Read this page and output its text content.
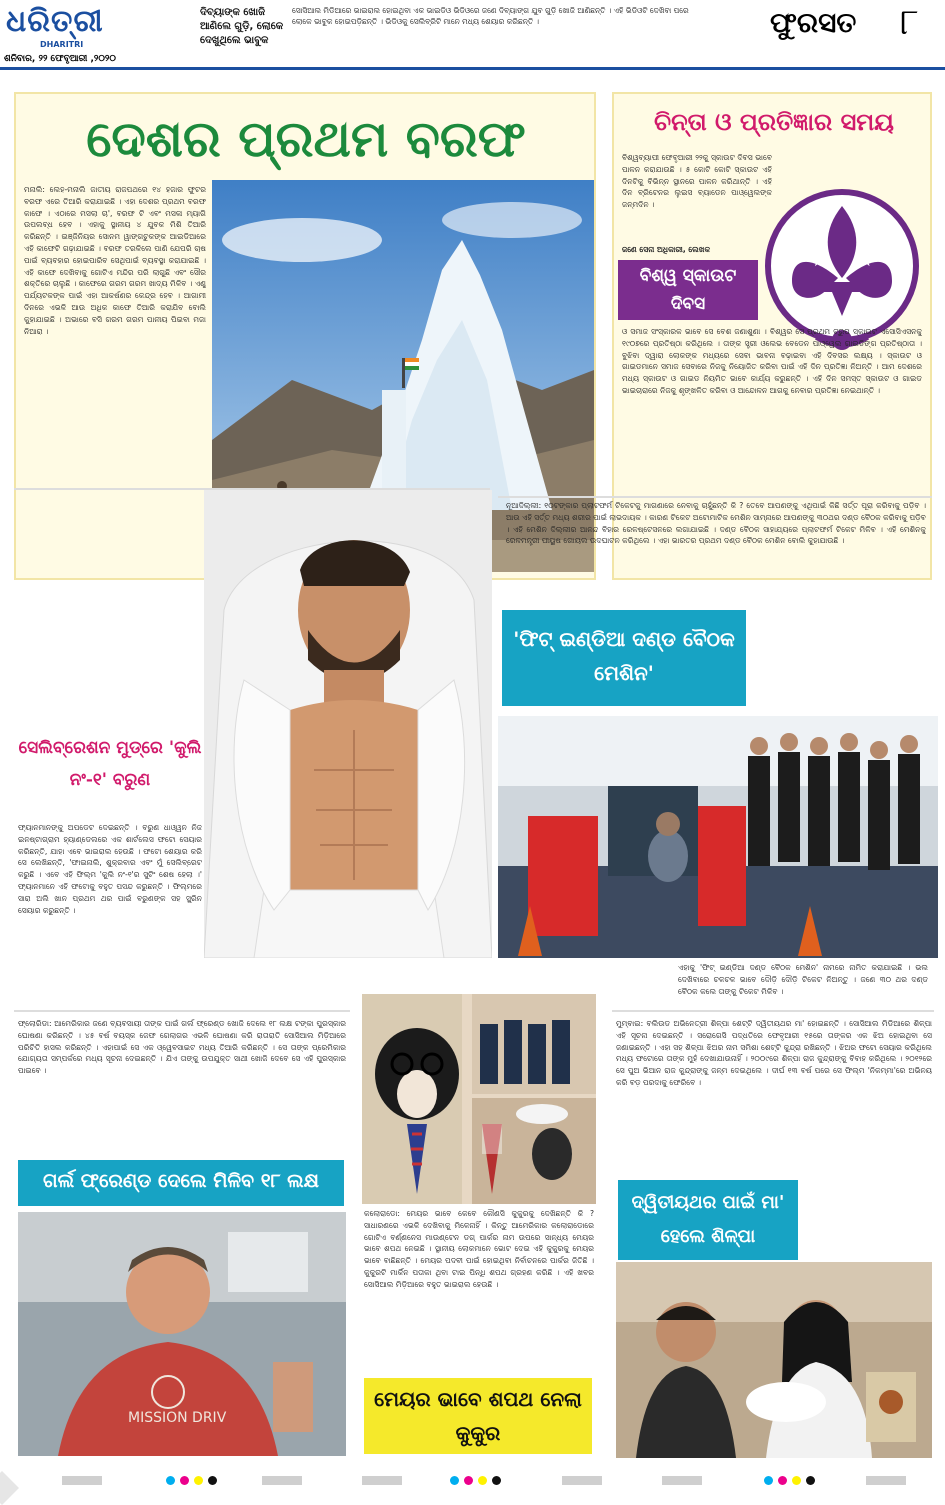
ଧରିତ୍ରୀ
DHARITRI
ଶନିବାର, ୨୨ ଫେବୃଆରୀ ,୨୦୨୦
ଦିବ୍ୟାଙ୍କ ଖୋଜି ଆଣିଲେ ଗୁଡ଼ି, ଲୋକେ ଦେଖୁଥିଲେ ଭାବୁକ
ସୋସିଆଲ ମିଡିଆରେ ଭାଇରାଲ ହୋଇଥିବା ଏକ ଭାଇଡିଓ ଭିଡିଓରେ ଜଣେ ଦିବ୍ୟାଙ୍ଗ ଯୁବ ଗୁଡ଼ି ଖୋଜି ଆଣିଛନ୍ତି । ଏହି ଭିଡିଓଟି ଦେଖିବା ପରେ ଲୋକେ ଭାବୁକ ହୋଇପଡ଼ିଛନ୍ତି । ଭିଡିଓକୁ ସେଲିବ୍ରିଟି ମାନେ ମଧ୍ୟ ଶେୟାର କରିଛନ୍ତି ।	ଫୁରସତ ୮
ଦେଶର ପ୍ରଥମ ବରଫ
ମନାଲି: ଲେହ-ମନାଲି ଜାତୀୟ ରାଜପଥରେ ୧୪ ହଜାର ଫୁଟର ବରଫ ଏରେ ତିଆରି କରାଯାଇଛି । ଏହା ଦେଶର ପ୍ରଥମ ବରଫ କାଫେ । ଏଠାରେ ମସଲା ଚା', ବରଫ ଟି ଏବଂ ମସଳା ମ୍ୟାଗି ଉପଲବ୍ଧ ହେବ । ଏହାକୁ ସ୍ଥାନୀୟ ୪ ଯୁବକ ମିଶି ତିଆରି କରିଛନ୍ତି । ଇଞ୍ଜିନିୟର ସୋନମ ୱାଙ୍ଗଚୁକଙ୍କ ଆଇଡିଆରେ ଏହି କାଫେଟି ଗଢ଼ାଯାଇଛି । ବରଫ ତରଳିଲେ ପାଣି ଯେପରି ଚାଷ ପାଇଁ ବ୍ୟବହାର ହୋଇପାରିବ ସେଥିପାଇଁ ବ୍ୟବସ୍ଥା କରାଯାଇଛି । ଏହି କାଫେ ଦେଖିବାକୁ ଗୋଟିଏ ମନ୍ଦିର ପରି ଲାଗୁଛି ଏବଂ ସୌର ଶକ୍ତିରେ ଚାଲୁଛି । କାଫେରେ ଗରମ ଗରମ ଖାଦ୍ୟ ମିଳିବ । ଏଣୁ ପର୍ଯ୍ୟଟକଙ୍କ ପାଇଁ ଏହା ଆକର୍ଷଣର କେନ୍ଦ୍ର ହେବ । ଆଗାମୀ ଦିନରେ ଏଭଳି ଆଉ ଅଧିକ କାଫେ ତିଆରି କରାଯିବ ବୋଲି କୁହାଯାଇଛି । ଅଭାରେ ବସି ଗରମ ଗରମ ପାନୀୟ ପିଇବା ମଜା ନିଆରା ।
ଚିନ୍ତା ଓ ପ୍ରତିଜ୍ଞାର ସମୟ
ବିଶ୍ୱବ୍ୟାପୀ ଫେବୃଆରୀ ୨୨କୁ ସ୍କାଉଟ ଦିବସ ଭାବେ ପାଳନ କରାଯାଉଛି । ୫ କୋଟି କୋଟି ସ୍କାଉଟ ଏହି ଦିନଟିକୁ ବିଭିନ୍ନ ସ୍ଥାନରେ ପାଳନ କରିଥାନ୍ତି । ଏହି ଦିନ ବ୍ରିଟେନର ଲୁଇସ ବ୍ୟାଡେନ ପାଓ୍ୱେଲଙ୍କ ଜନ୍ମଦିନ ।
ଜଣେ ସେନା ଅଧିକାରୀ, ଲେଖକ
ବିଶ୍ୱ ସ୍କାଉଟ ଦିବସ
★	★
ଓ ସମାଜ ସଂସ୍କାରକ ଭାବେ ସେ ବେଶ ଜଣାଶୁଣା । ବିଶ୍ୱର ସେ ପ୍ରଥମ ଟ୍ରୁପ ସ୍କାଉଟ ଏସୋସିଏସନକୁ ୧୯୦୭ରେ ପ୍ରତିଷ୍ଠା କରିଥିଲେ । ତାଙ୍କ ସ୍ତ୍ରୀ ଓଲେଭ ବେଡେନ ପାଓ୍ୱେଲ ଗାଇଡିଙ୍ଗ ପ୍ରତିଷ୍ଠାତା । ବୁଝିବା ଦ୍ୱାରା ଲୋକଙ୍କ ମଧ୍ୟରେ ସେବା ଭାବନା ବଢ଼ାଇବା ଏହି ଦିବସର ଲକ୍ଷ୍ୟ । ସ୍କାଉଟ ଓ ଗାଇଡମାନେ ସମାଜ ସେବାରେ ନିଜକୁ ନିୟୋଜିତ କରିବା ପାଇଁ ଏହି ଦିନ ପ୍ରତିଜ୍ଞା ନିଅନ୍ତି । ଆମ ଦେଶରେ ମଧ୍ୟ ସ୍କାଉଟ ଓ ଗାଇଡ ନିୟମିତ ଭାବେ କାର୍ଯ୍ୟ କରୁଛନ୍ତି । ଏହି ଦିନ ସମସ୍ତ ସ୍କାଉଟ ଓ ଗାଇଡ ଭାଇଚାରାରେ ନିଜକୁ ଶୃଙ୍ଖଳିତ କରିବା ଓ ଆନ୍ଦୋଳନ ଆଗକୁ ନେବାର ପ୍ରତିଜ୍ଞା ନେଇଥାନ୍ତି ।
ସେଲିବ୍ରେଶନ ମୁଡ୍‌ରେ 'କୁଲି ନଂ-୧' ବରୁଣ
ଫ୍ୟାନମାନଙ୍କୁ ଅପଡେଟ ଦେଇଛନ୍ତି । ବରୁଣ ଧାଓ୍ୱନ ନିଜ ଇନଷ୍ଟାଗ୍ରାମ ହ୍ୟାଣ୍ଡେଲରେ ଏକ ଶାର୍ଟଲେସ ଫଟୋ ସେୟାର କରିଛନ୍ତି, ଯାହା ଏବେ ଭାଇରାଲ ହେଉଛି । ଫଟୋ ଶେୟାର କରି ସେ ଲେଖିଛନ୍ତି, 'ଫାଇନାଲି, ଶୁକ୍ରବାର ଏବଂ ମୁଁ ସେଲିବ୍ରେଟ କରୁଛି । ଏବେ ଏହି ଫିଲ୍ମ 'କୁଲି ନଂ-୧'ର ସୁଟିଂ ଶେଷ ହେଲା ।' ଫ୍ୟାନମାନେ ଏହି ଫଟୋକୁ ବହୁତ ପସନ୍ଦ କରୁଛନ୍ତି । ଫିଲ୍ମରେ ସାରା ଅଲି ଖାନ ପ୍ରଥମ ଥର ପାଇଁ ବରୁଣଙ୍କ ସହ ସ୍କ୍ରିନ ସେୟାର କରୁଛନ୍ତି ।
ନୂଆଦିଲ୍ଲୀ: ୧୦ଟଙ୍କାର ପ୍ଲାଟଫର୍ମ ଟିକେଟକୁ ମାଗଣାରେ ନେବାକୁ ଚାହୁଁଛନ୍ତି କି ? ତେବେ ଆପଣଙ୍କୁ ଏଥିପାଇଁ କିଛି ସର୍ତ୍ତ ପୂରା କରିବାକୁ ପଡ଼ିବ । ଆଉ ଏହି ସର୍ତ୍ତ ମଧ୍ୟ ଶରୀର ପାଇଁ ଲାଭଦାୟକ । କାରଣ ଟିକେଟ ଅଟୋମାଟିକ ମେଶିନ ସାମ୍ନାରେ ଆପଣଙ୍କୁ ୩୦ଥର ଦଣ୍ଡ ବୈଠକ କରିବାକୁ ପଡ଼ିବ । ଏହି ମେଶିନ ଦିଲ୍ଲୀର ଆନନ୍ଦ ବିହାର ରେଳଷ୍ଟେସନରେ ଲଗାଯାଇଛି । ଦଣ୍ଡ ବୈଠକ ସାହାଯ୍ୟରେ ପ୍ଲାଟଫର୍ମ ଟିକେଟ ମିଳିବ । ଏହି ମେଶିନକୁ ରେଳମନ୍ତ୍ରୀ ପୀୟୁଷ ଗୋୟଲ ଉଦଘାଟନ କରିଥିଲେ । ଏହା ଭାରତର ପ୍ରଥମ ଦଣ୍ଡ ବୈଠକ ମେଶିନ ବୋଲି କୁହାଯାଉଛି ।
'ଫିଟ୍ ଇଣ୍ଡିଆ ଦଣ୍ଡ ବୈଠକ ମେଶିନ'
ଏହାକୁ 'ଫିଟ୍ ଇଣ୍ଡିଆ ଦଣ୍ଡ ବୈଠକ ମେଶିନ' ନାମରେ ନାମିତ କରାଯାଇଛି । ଭଲ ଦେଖିବାରେ ଚଳଚଳ ଭାବେ ଦୌଡ଼ି ଦୌଡ଼ି ଟିକେଟ ନିଅନ୍ତୁ । ଜଣେ ୩୦ ଥର ଦଣ୍ଡ ବୈଠକ କଲେ ତାଙ୍କୁ ଟିକେଟ ମିଳିବ ।
ଫ୍ଲୋରିଡା: ଆମେରିକାର ଜଣେ ବ୍ୟବସାୟୀ ତାଙ୍କ ପାଇଁ ଗର୍ଲ ଫ୍ରେଣ୍ଡ ଖୋଜି ଦେଲେ ୧୮ ଲକ୍ଷ ଟଙ୍କା ପୁରସ୍କାର ଘୋଷଣା କରିଛନ୍ତି । ୪୫ ବର୍ଷ ବୟସ୍କ ଜେଫ ଗେଲାଗର ଏଭଳି ଘୋଷଣା କରି ରାତାରାତି ସୋସିଆଲ ମିଡ଼ିଆରେ ପରିଚିତି ହାସଲ କରିଛନ୍ତି । ଏହାପାଇଁ ସେ ଏକ ଓ୍ୱେବସାଇଟ ମଧ୍ୟ ତିଆରି କରିଛନ୍ତି । ସେ ତାଙ୍କ ପ୍ରେମିକାର ଯୋଗ୍ୟତା ସମ୍ପର୍କରେ ମଧ୍ୟ ସୂଚନା ଦେଇଛନ୍ତି । ଯିଏ ତାଙ୍କୁ ଉପଯୁକ୍ତ ସାଥୀ ଖୋଜି ଦେବେ ସେ ଏହି ପୁରସ୍କାର ପାଇବେ ।
ଗର୍ଲ ଫ୍ରେଣ୍ଡ ଦେଲେ ମିଳିବ ୧୮ ଲକ୍ଷ
MISSION DRIV
କଲୋରାଡୋ: ମେୟର ଭାବେ କେବେ କୌଣସି କୁକୁରକୁ ଦେଖିଛନ୍ତି କି ? ସାଧାରଣରେ ଏଭଳି ଦେଖିବାକୁ ମିଳେନାହିଁ । କିନ୍ତୁ ଆମେରିକାର କଲୋରାଡୋରେ ଗୋଟିଏ ବର୍ଣ୍ଣନେସ ମାଉଣ୍ଟେନ ଡଗ୍ ପାର୍କର ନାମ ଉପରେ ସାନ୍ଧ୍ୟ ମେୟର ଭାବେ ଶପଥ ନେଇଛି । ସ୍ଥାନୀୟ ଲୋକମାନେ ଭୋଟ ଦେଇ ଏହି କୁକୁରକୁ ମେୟର ଭାବେ ବାଛିଛନ୍ତି । ମେୟର ପଦବୀ ପାଇଁ ହୋଇଥିବା ନିର୍ବାଚନରେ ପାର୍କର ଜିତିଛି । କୁକୁରଟି ମାର୍କିନ ପତାକା ଥିବା ଟାଇ ପିନ୍ଧି ଶପଥ ଗ୍ରହଣ କରିଛି । ଏହି ଖବର ସୋସିଆଲ ମିଡ଼ିଆରେ ବହୁତ ଭାଇରାଲ ହେଉଛି ।
ମେୟର ଭାବେ ଶପଥ ନେଲା କୁକୁର
ମୁମ୍ବାଇ: ବଲିଉଡ ଅଭିନେତ୍ରୀ ଶିଳ୍ପା ଶେଟ୍ଟି ଦ୍ୱିତୀୟଥର ମା' ହୋଇଛନ୍ତି । ସୋସିଆଲ ମିଡିଆରେ ଶିଳ୍ପା ଏହି ସୂଚନା ଦେଇଛନ୍ତି । ସରୋଗେସି ପଦ୍ଧତିରେ ଫେବୃଆରୀ ୧୫ରେ ତାଙ୍କର ଏକ ଝିଅ ହୋଇଥିବା ସେ ଜଣାଇଛନ୍ତି । ଏହା ସହ ଶିଳ୍ପା ଝିଅର ନାମ ସମିଶା ଶେଟ୍ଟି କୁନ୍ଦ୍ରା ରଖିଛନ୍ତି । ଝିଅର ଫଟୋ ସେୟାର କରିଥିଲେ ମଧ୍ୟ ଫଟୋରେ ତାଙ୍କ ମୁହଁ ଦେଖାଯାଉନାହିଁ । ୨୦୦୯ରେ ଶିଳ୍ପା ରାଜ କୁନ୍ଦ୍ରାଙ୍କୁ ବିବାହ କରିଥିଲେ । ୨୦୧୨ରେ ସେ ପୁଅ ଭିଆନ ରାଜ କୁନ୍ଦ୍ରାଙ୍କୁ ଜନ୍ମ ଦେଇଥିଲେ । ଦୀର୍ଘ ୧୩ ବର୍ଷ ପରେ ସେ ଫିଲ୍ମ 'ନିକମ୍ମା'ରେ ଅଭିନୟ କରି ବଡ଼ ପରଦାକୁ ଫେରିବେ ।
ଦ୍ୱିତୀୟଥର ପାଇଁ ମା' ହେଲେ ଶିଳ୍ପା
